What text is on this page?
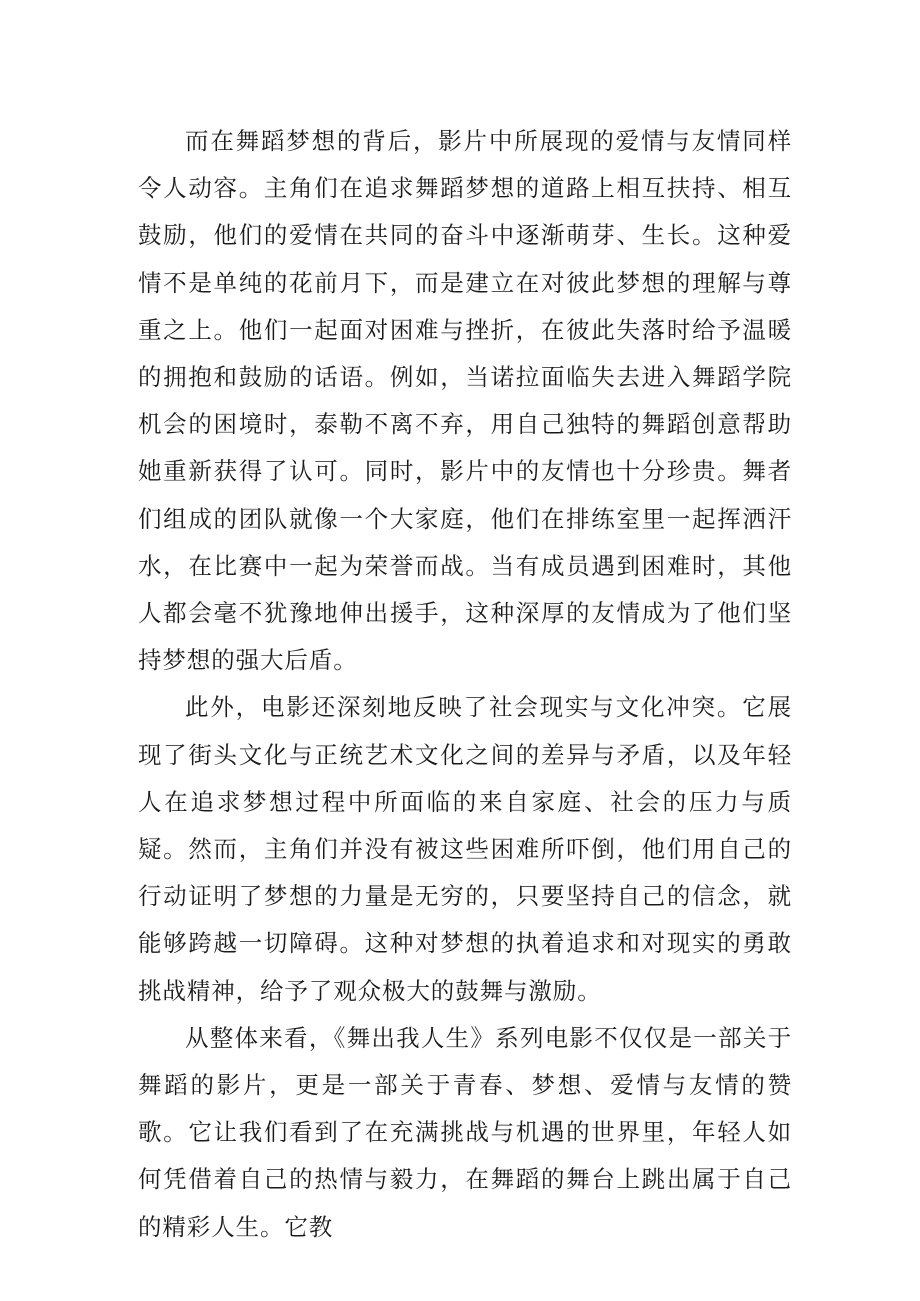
而在舞蹈梦想的背后，影片中所展现的爱情与友情同样令人动容。主角们在追求舞蹈梦想的道路上相互扶持、相互鼓励，他们的爱情在共同的奋斗中逐渐萌芽、生长。这种爱情不是单纯的花前月下，而是建立在对彼此梦想的理解与尊重之上。他们一起面对困难与挫折，在彼此失落时给予温暖的拥抱和鼓励的话语。例如，当诺拉面临失去进入舞蹈学院机会的困境时，泰勒不离不弃，用自己独特的舞蹈创意帮助她重新获得了认可。同时，影片中的友情也十分珍贵。舞者们组成的团队就像一个大家庭，他们在排练室里一起挥洒汗水，在比赛中一起为荣誉而战。当有成员遇到困难时，其他人都会毫不犹豫地伸出援手，这种深厚的友情成为了他们坚持梦想的强大后盾。

此外，电影还深刻地反映了社会现实与文化冲突。它展现了街头文化与正统艺术文化之间的差异与矛盾，以及年轻人在追求梦想过程中所面临的来自家庭、社会的压力与质疑。然而，主角们并没有被这些困难所吓倒，他们用自己的行动证明了梦想的力量是无穷的，只要坚持自己的信念，就能够跨越一切障碍。这种对梦想的执着追求和对现实的勇敢挑战精神，给予了观众极大的鼓舞与激励。

从整体来看，《舞出我人生》系列电影不仅仅是一部关于舞蹈的影片，更是一部关于青春、梦想、爱情与友情的赞歌。它让我们看到了在充满挑战与机遇的世界里，年轻人如何凭借着自己的热情与毅力，在舞蹈的舞台上跳出属于自己的精彩人生。它教
